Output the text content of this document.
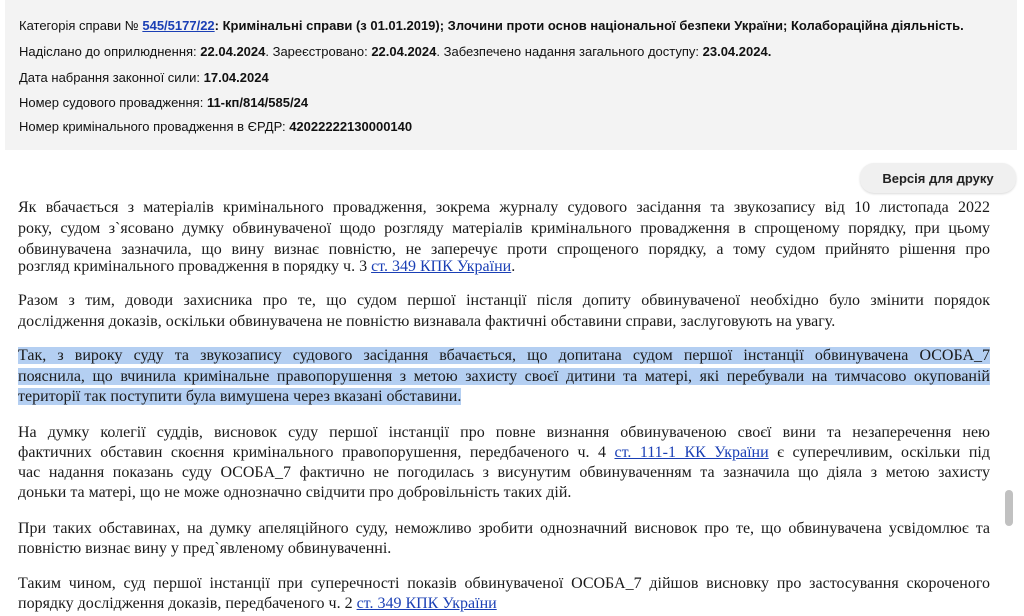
Категорія справи № 545/5177/22: Кримінальні справи (з 01.01.2019); Злочини проти основ національної безпеки України; Колабораційна діяльність.
Надіслано до оприлюднення: 22.04.2024. Зареєстровано: 22.04.2024. Забезпечено надання загального доступу: 23.04.2024.
Дата набрання законної сили: 17.04.2024
Номер судового провадження: 11-кп/814/585/24
Номер кримінального провадження в ЄРДР: 42022222130000140
Версія для друку
Як вбачається з матеріалів кримінального провадження, зокрема журналу судового засідання та звукозапису від 10 листопада 2022
року, судом з`ясовано думку обвинуваченої щодо розгляду матеріалів кримінального провадження в спрощеному порядку, при цьому
обвинувачена зазначила, що вину визнає повністю, не заперечує проти спрощеного порядку, а тому судом прийнято рішення про
розгляд кримінального провадження в порядку ч. 3 ст. 349 КПК України.
Разом з тим, доводи захисника про те, що судом першої інстанції після допиту обвинуваченої необхідно було змінити порядок
дослідження доказів, оскільки обвинувачена не повністю визнавала фактичні обставини справи, заслуговують на увагу.
Так, з вироку суду та звукозапису судового засідання вбачається, що допитана судом першої інстанції обвинувачена ОСОБА_7
пояснила, що вчинила кримінальне правопорушення з метою захисту своєї дитини та матері, які перебували на тимчасово окупованій
території так поступити була вимушена через вказані обставини.
На думку колегії суддів, висновок суду першої інстанції про повне визнання обвинуваченою своєї вини та незаперечення нею
фактичних обставин скоєння кримінального правопорушення, передбаченого ч. 4 ст. 111-1 КК України є суперечливим, оскільки під
час надання показань суду ОСОБА_7 фактично не погодилась з висунутим обвинуваченням та зазначила що діяла з метою захисту
доньки та матері, що не може однозначно свідчити про добровільність таких дій.
При таких обставинах, на думку апеляційного суду, неможливо зробити однозначний висновок про те, що обвинувачена усвідомлює та
повністю визнає вину у пред`явленому обвинуваченні.
Таким чином, суд першої інстанції при суперечності показів обвинуваченої ОСОБА_7 дійшов висновку про застосування скороченого
порядку дослідження доказів, передбаченого ч. 2 ст. 349 КПК України
